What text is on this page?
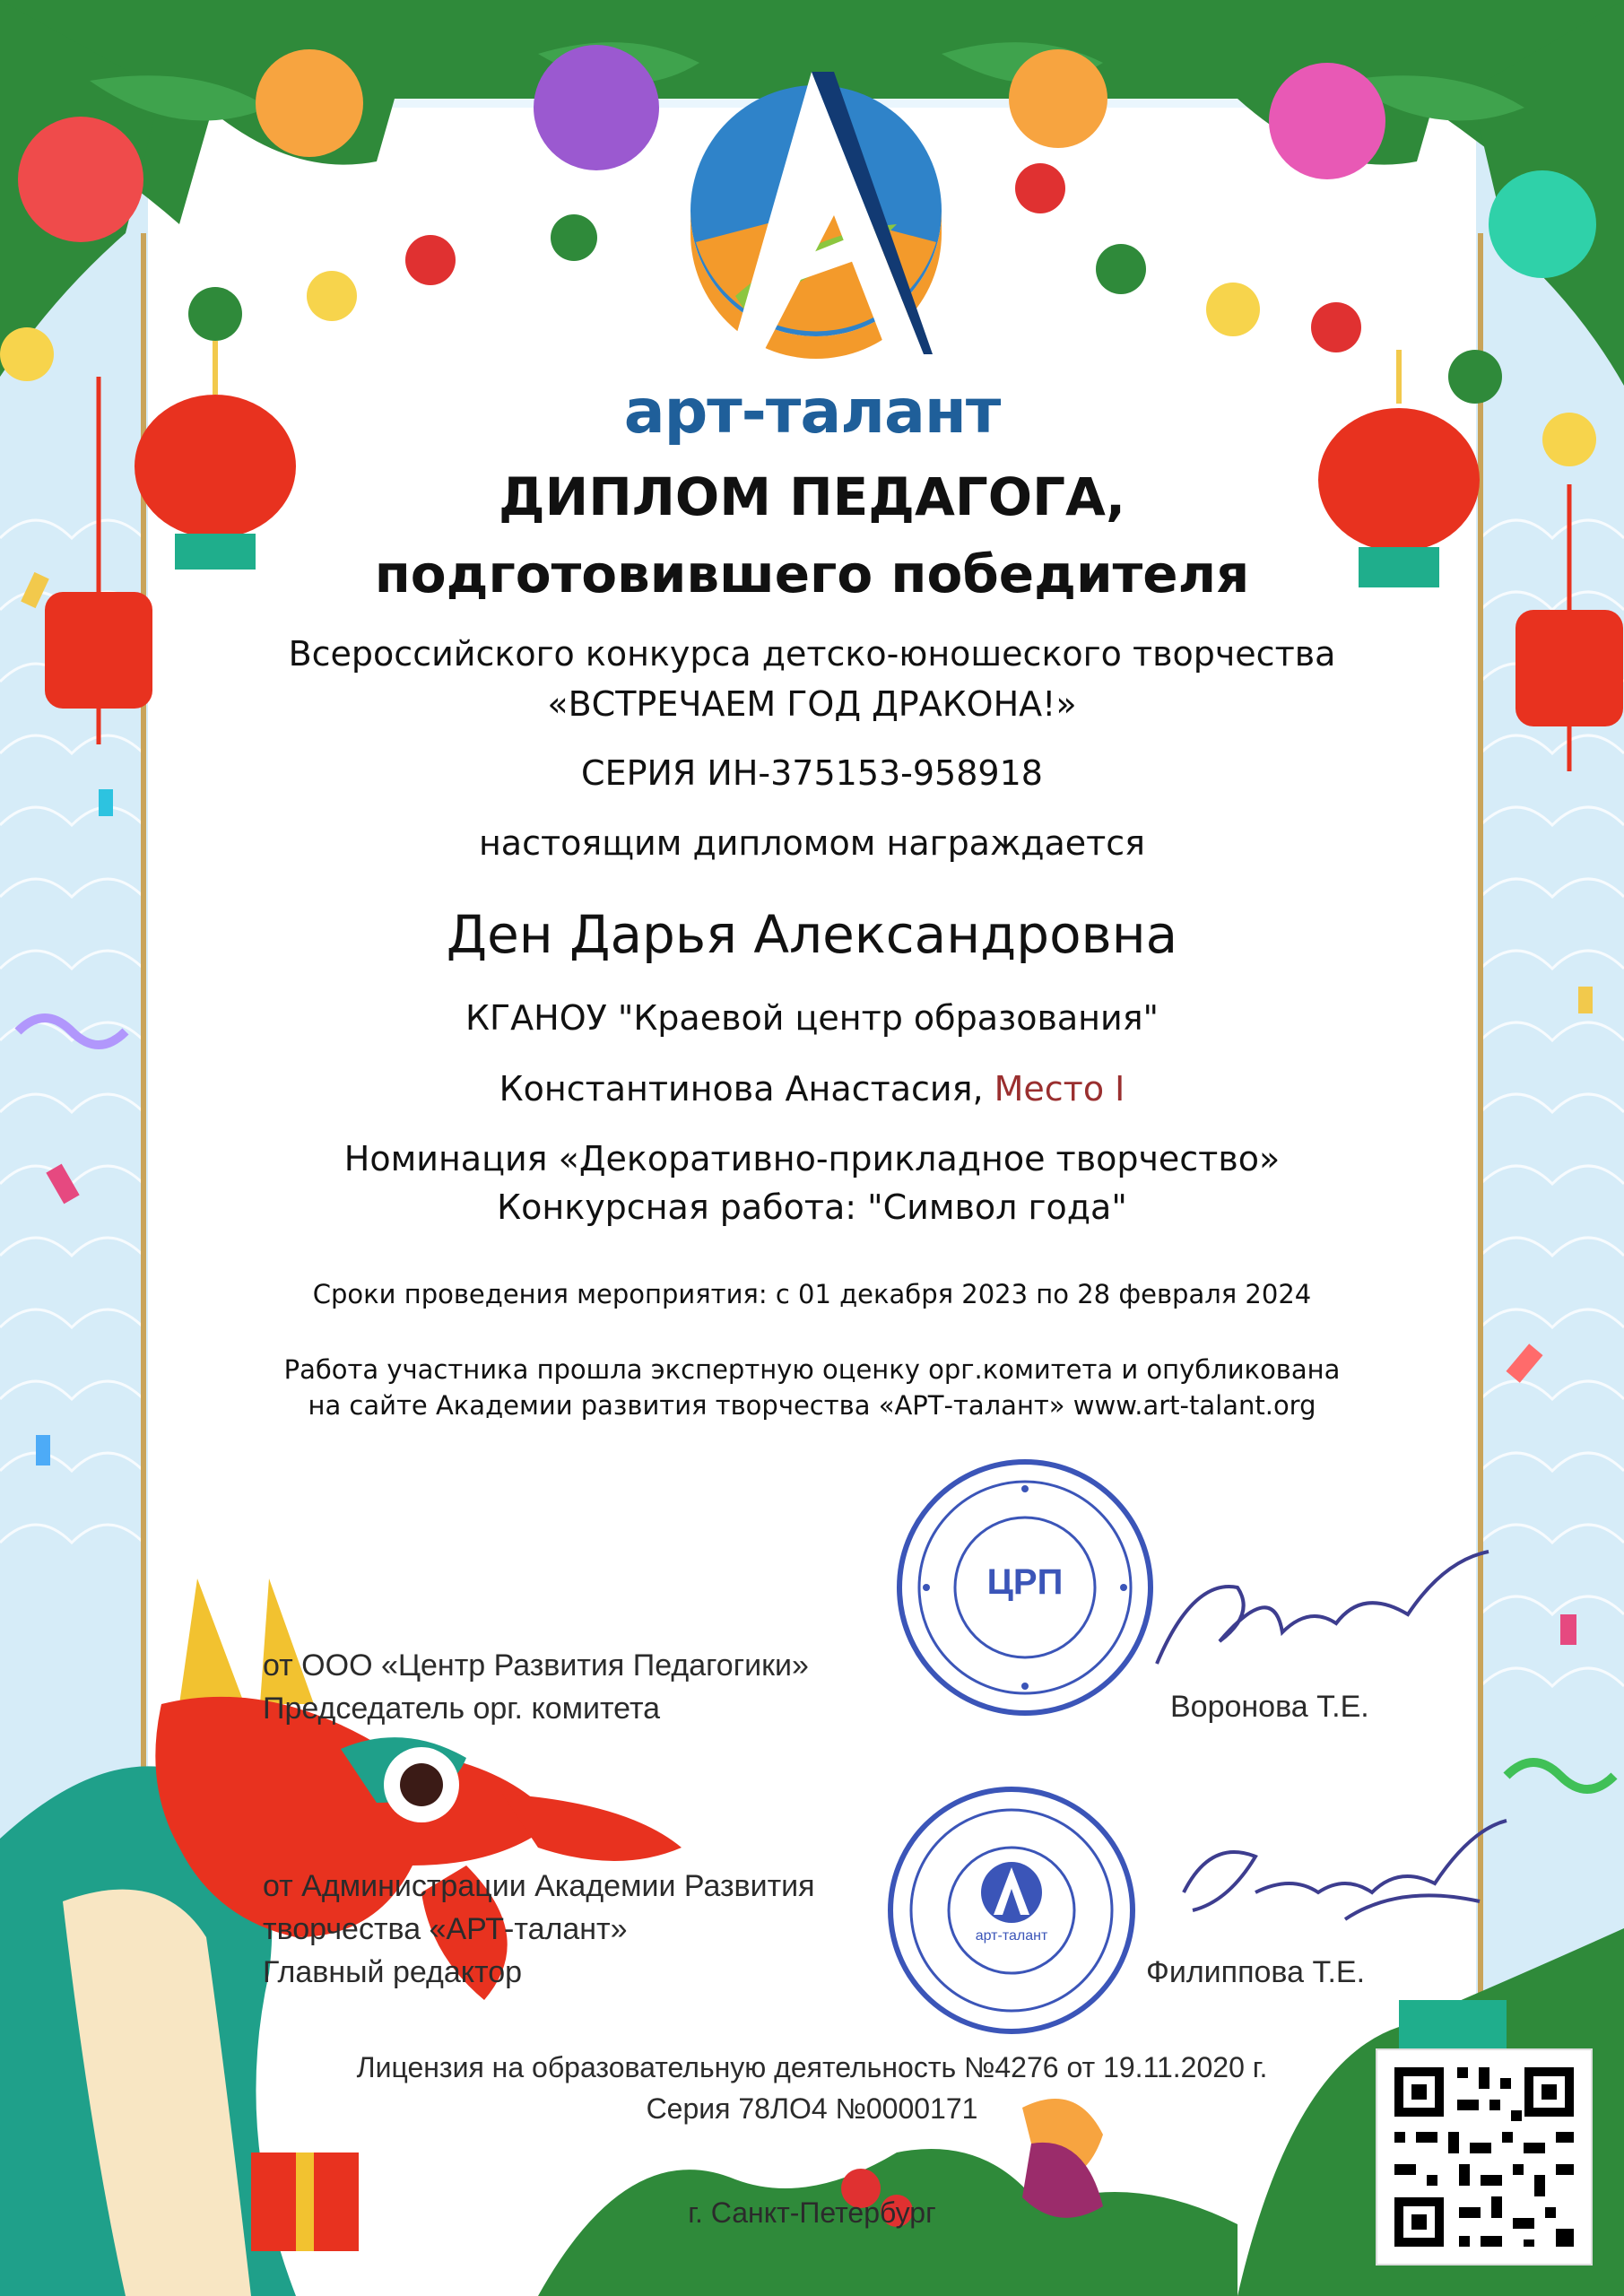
арт-талант
ДИПЛОМ ПЕДАГОГА,
подготовившего победителя
Всероссийского конкурса детско-юношеского творчества
«ВСТРЕЧАЕМ ГОД ДРАКОНА!»
СЕРИЯ ИН-375153-958918
настоящим дипломом награждается
Ден Дарья Александровна
КГАНОУ "Краевой центр образования"
Константинова Анастасия, Место I
Номинация «Декоративно-прикладное творчество»
Конкурсная работа: "Символ года"
Сроки проведения мероприятия: с 01 декабря 2023 по 28 февраля 2024
Работа участника прошла экспертную оценку орг.комитета и опубликована
на сайте Академии развития творчества «АРТ-талант» www.art-talant.org
от ООО «Центр Развития Педагогики»
Председатель орг. комитета	Воронова Т.Е.
ЦРП
от Администрации Академии Развития
творчества «АРТ-талант»
Главный редактор	Филиппова Т.Е.
арт-талант
Лицензия на образовательную деятельность №4276 от 19.11.2020 г.
Серия 78ЛО4 №0000171
г. Санкт-Петербург
